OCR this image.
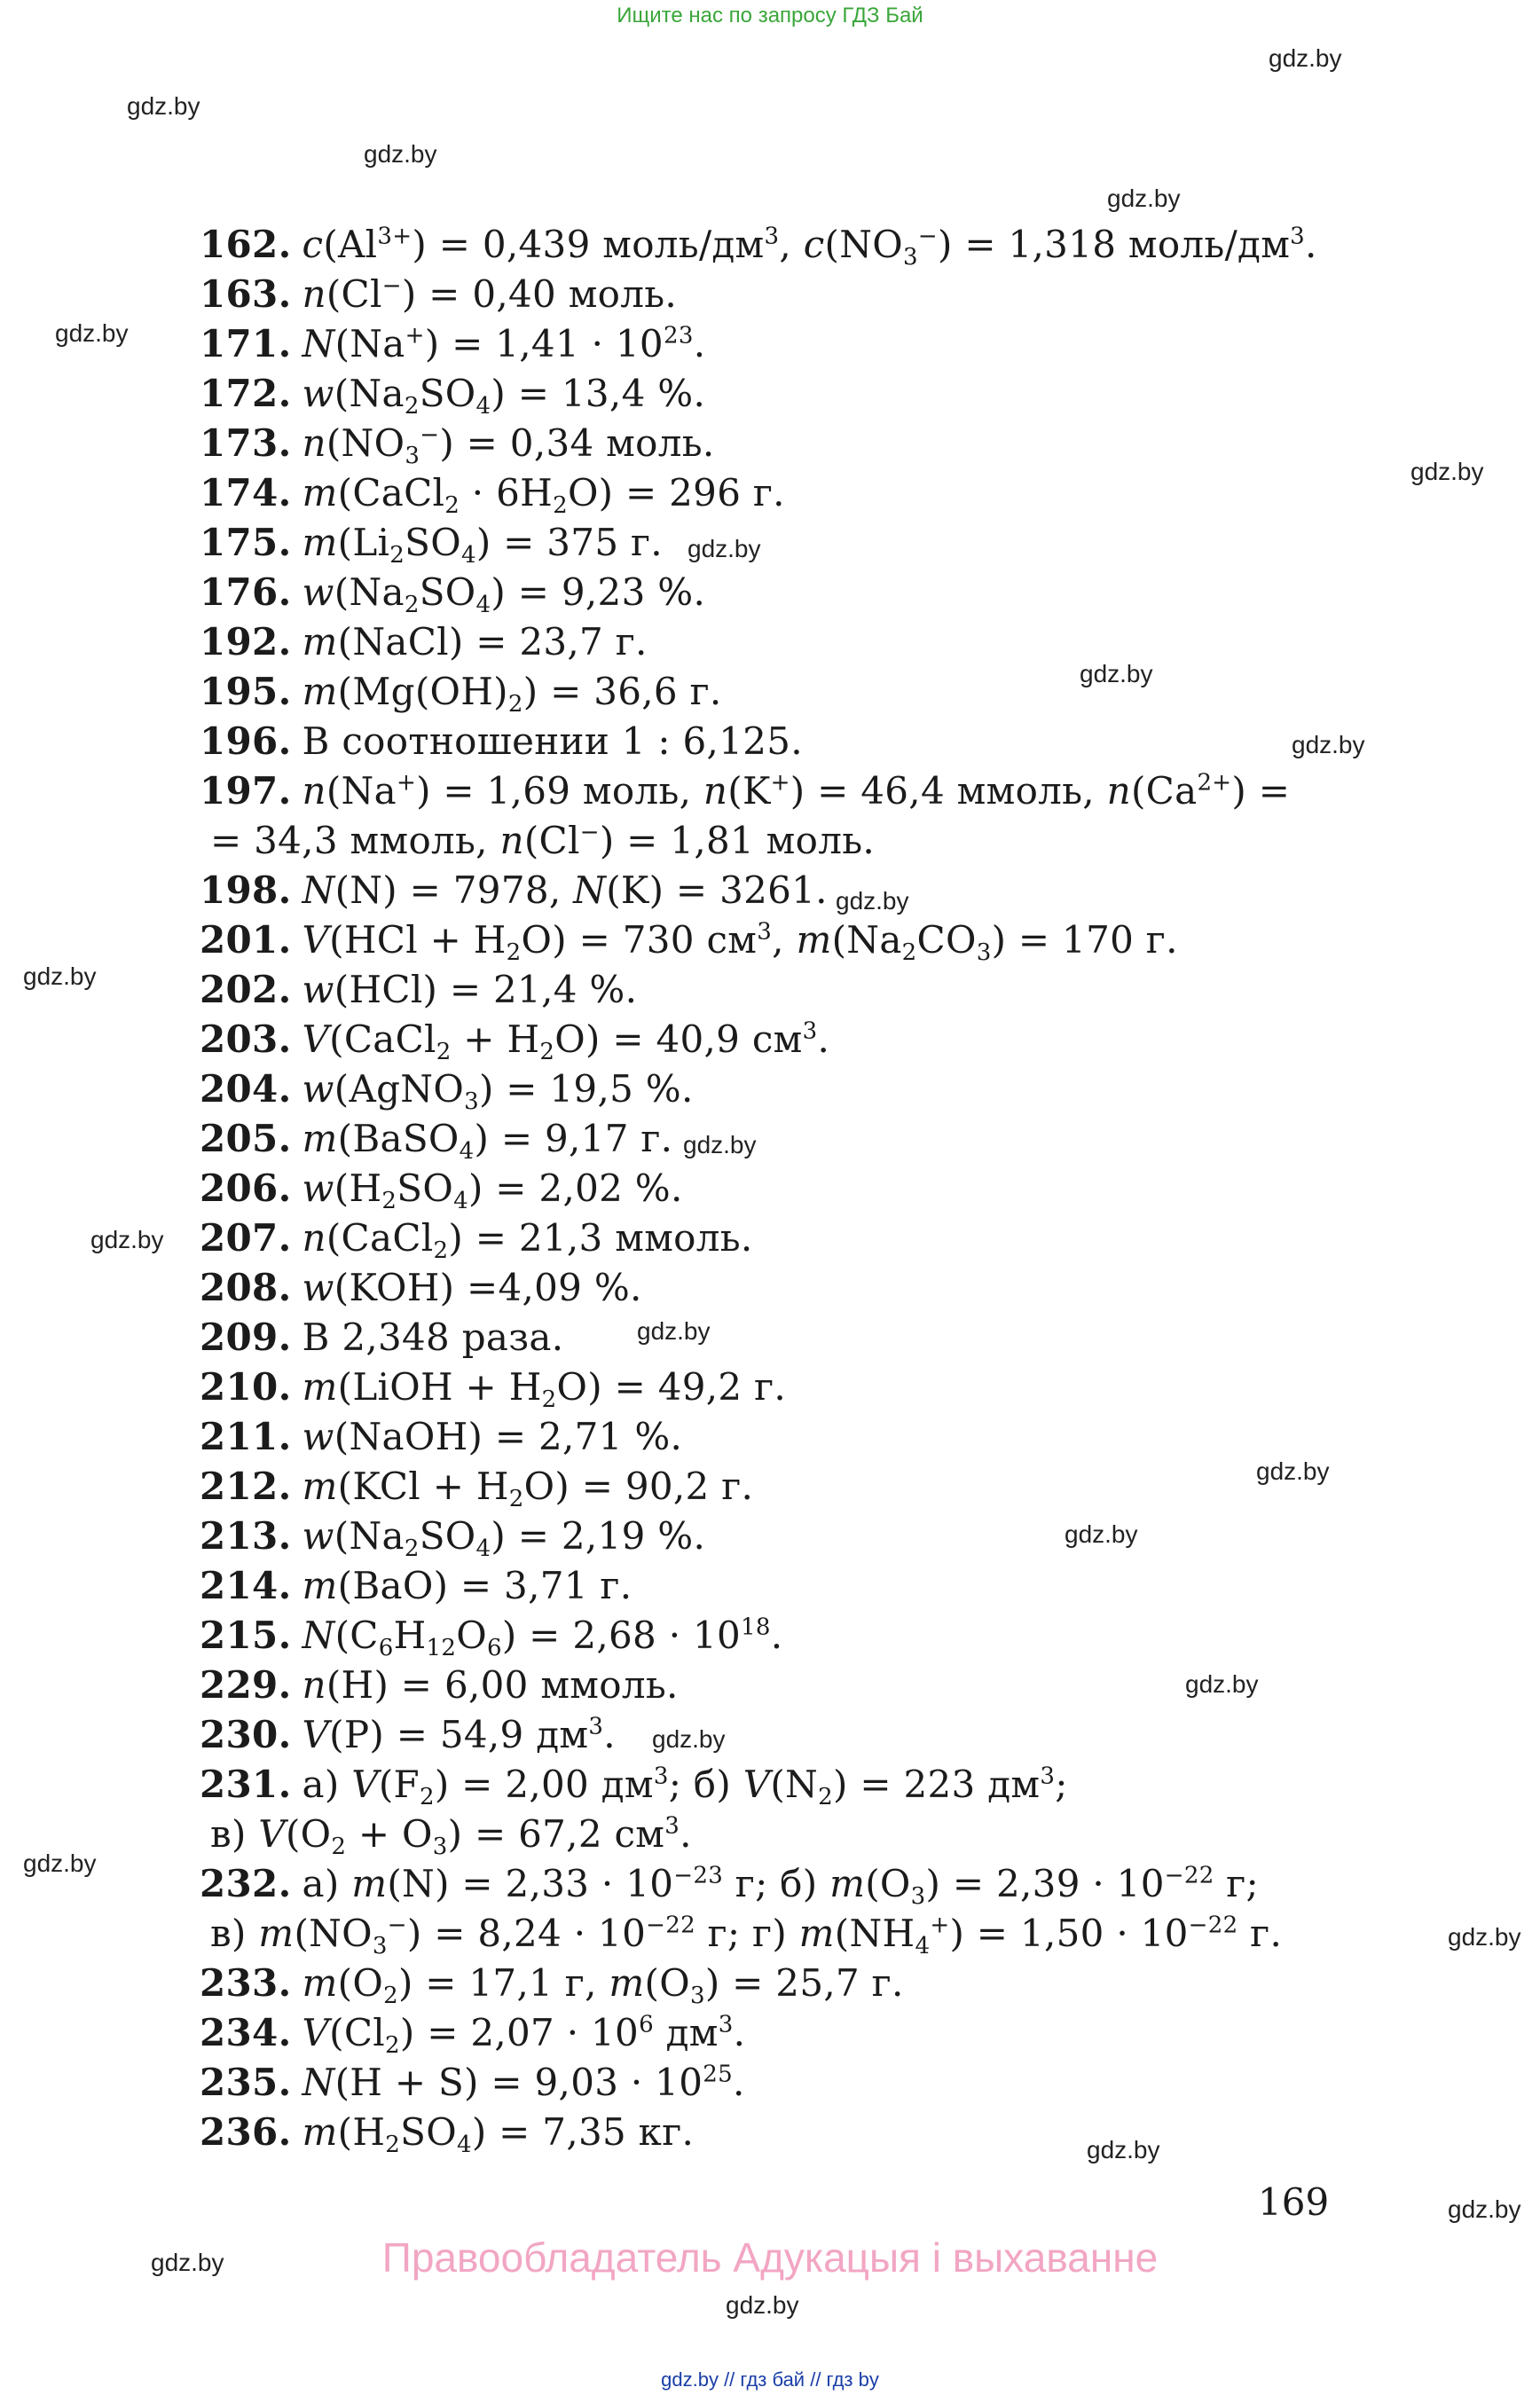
Ищите нас по запросу ГДЗ Бай
gdz.by
gdz.by
gdz.by
gdz.by
gdz.by
gdz.by
gdz.by
gdz.by
gdz.by
gdz.by
gdz.by
gdz.by
gdz.by
gdz.by
gdz.by
gdz.by
gdz.by
gdz.by
gdz.by
gdz.by
gdz.by
gdz.by
gdz.by
gdz.by
162. $c(Al^{3+}) = 0,439$ моль/$дм^3$, $c(NO_3^-) = 1,318$ моль/$дм^3$.
163. n(Cl−) = 0,40 моль.
171. $N(Na^+) = 1,41 \cdot 10^{23}$.
172. $w(Na_2SO_4) = 13,4$ %.
173. $n(NO_3^-) = 0,34$ моль.
174. m(CaCl$_2$ · $6H_2O) = 296$ г.
175. $m(Li_2SO_4) = 375$ г.
176. $w(Na_2SO_4) = 9,23$ %.
192. m(NaCl) = 23,7 г.
195. $m(Mg(OH)_2) = 36,6$ г.
196. В соотношении 1 : 6,125.
197. n(Na+) = 1,69 моль, n(K+) = 46,4 ммоль, $n(Ca^{2+})$ =
= 34,3 ммоль, n(Cl−) = 1,81 моль.
198. N(N) = 7978, N(K) = 3261.
201. $V(HCl + H_2O) = 730$ $см^3$, $m(Na_2CO_3) = 170$ г.
202. w(HCl) = 21,4 %.
203. V(CaCl$_2$ + $H_2O) = 40,9$ $см^3$.
204. w(AgNO$_3$) = 19,5 %.
205. m(BaSO$_4$) = 9,17 г.
206. $w(H_2SO_4) = 2,02$ %.
207. n(CaCl$_2$) = 21,3 ммоль.
208. w(KOH) =4,09 %.
209. В 2,348 раза.
210. m(LiOH + $H_2O) = 49,2$ г.
211. w(NaOH) = 2,71 %.
212. $m(KCl + H_2O) = 90,2$ г.
213. $w(Na_2SO_4) = 2,19$ %.
214. m(BaO) = 3,71 г.
215. $N(C_6H_{12}O_6) = 2,68 \cdot 10^{18}$.
229. n(H) = 6,00 ммоль.
230. V(P) = 54,9 $дм^3$.
231. а) $V(F_2) = 2,00$ $дм^3$; б) $V(N_2) = 223$ $дм^3$;
в) $V(O_2 + O_3) = 67,2$ $см^3$.
232. а) $m(N) = 2,33 \cdot 10^{-23}$ г; б) $m(O_3) = 2,39 \cdot 10^{-22}$ г;
в) $m(NO_3^-) = 8,24 \cdot 10^{-22}$ г; г) $m(NH_4^+) = 1,50 \cdot 10^{-22}$ г.
233. $m(O_2) = 17,1$ г, $m(O_3) = 25,7$ г.
234. $V(Cl_2) = 2,07 \cdot 10^6$ $дм^3$.
235. $N(H + S) = 9,03 \cdot 10^{25}$.
236. $m(H_2SO_4) = 7,35$ кг.
169
Правообладатель Адукацыя і выхаванне
gdz.by // гдз бай // гдз by
